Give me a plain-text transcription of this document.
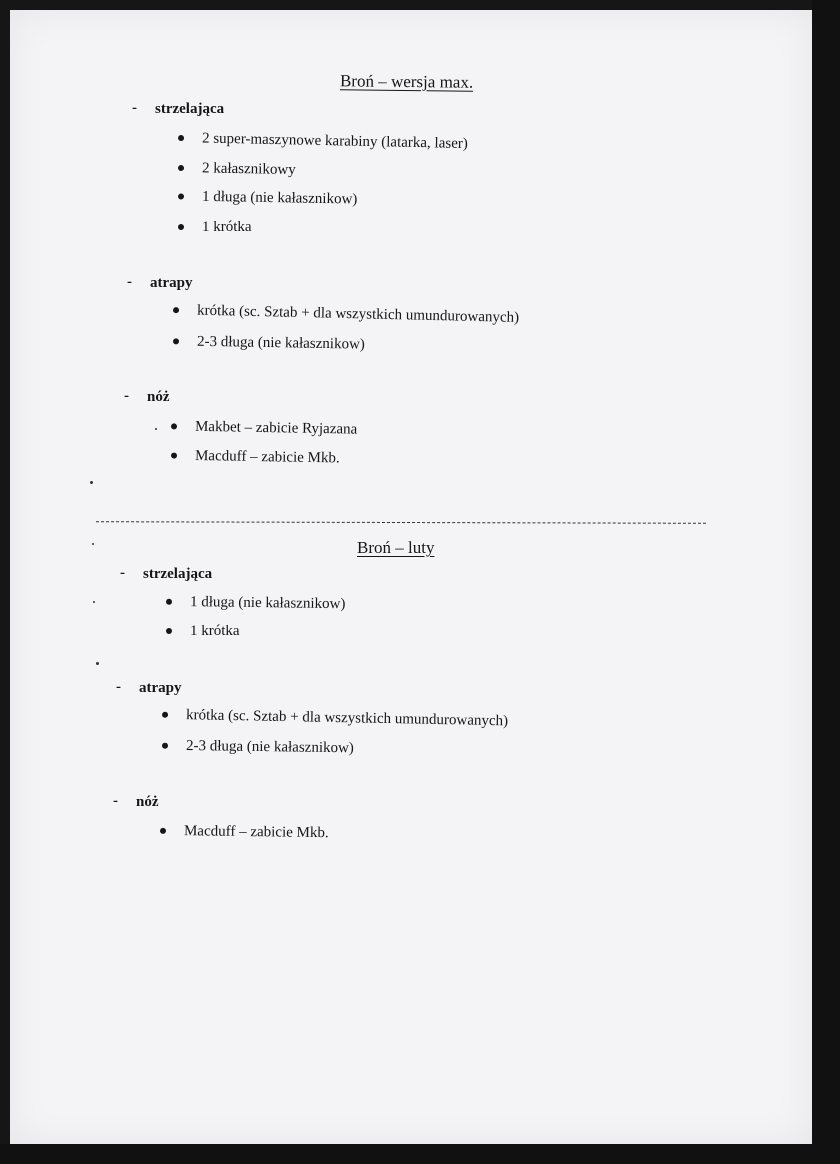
Broń – wersja max.
- strzelająca
2 super-maszynowe karabiny (latarka, laser)
2 kałasznikowy
1 długa (nie kałasznikow)
1 krótka
- atrapy
krótka (sc. Sztab + dla wszystkich umundurowanych)
2-3 długa (nie kałasznikow)
- nóż
Makbet – zabicie Ryjazana
Macduff – zabicie Mkb.
Broń – luty
- strzelająca
1 długa (nie kałasznikow)
1 krótka
- atrapy
krótka (sc. Sztab + dla wszystkich umundurowanych)
2-3 długa (nie kałasznikow)
- nóż
Macduff – zabicie Mkb.
